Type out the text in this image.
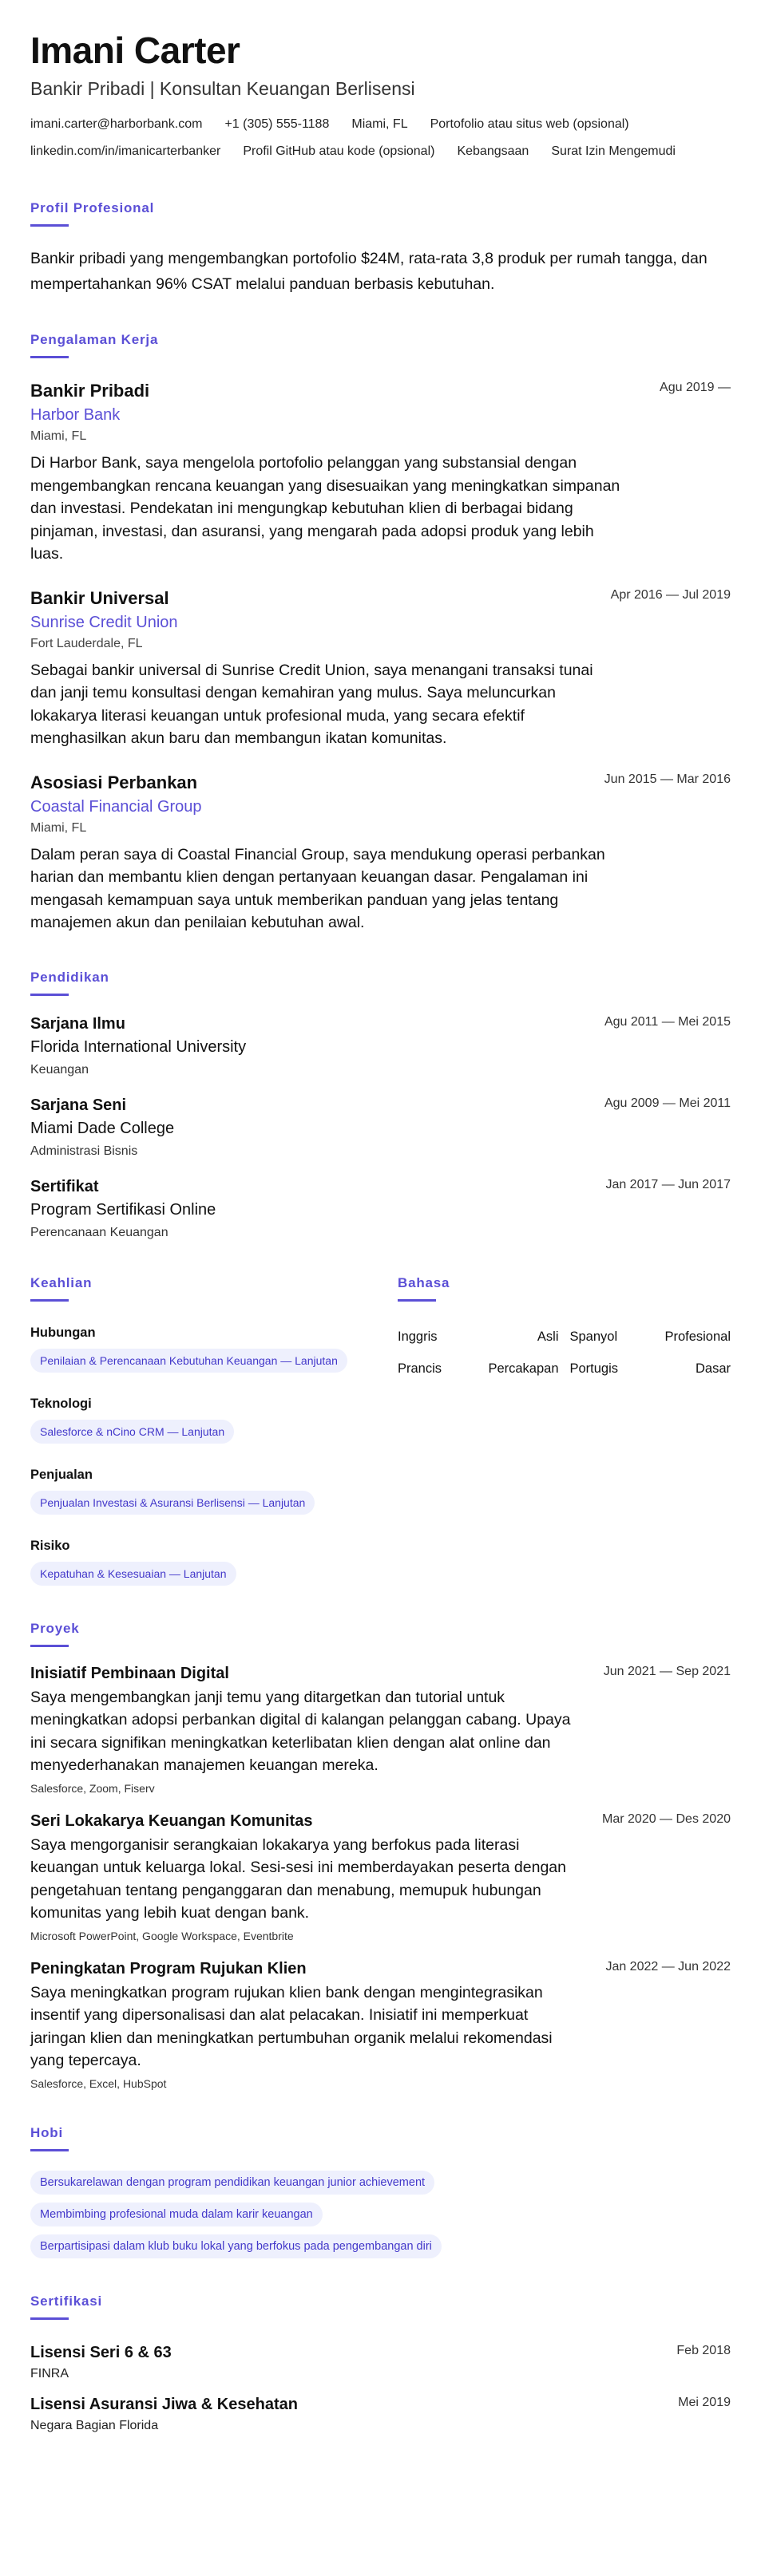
Imani Carter
Bankir Pribadi | Konsultan Keuangan Berlisensi
imani.carter@harborbank.com +1 (305) 555-1188 Miami, FL Portofolio atau situs web (opsional)
linkedin.com/in/imanicarterbanker Profil GitHub atau kode (opsional) Kebangsaan Surat Izin Mengemudi
Profil Profesional
Bankir pribadi yang mengembangkan portofolio $24M, rata-rata 3,8 produk per rumah tangga, dan mempertahankan 96% CSAT melalui panduan berbasis kebutuhan.
Pengalaman Kerja
Bankir Pribadi	Agu 2019 —
Harbor Bank
Miami, FL
Di Harbor Bank, saya mengelola portofolio pelanggan yang substansial dengan mengembangkan rencana keuangan yang disesuaikan yang meningkatkan simpanan dan investasi. Pendekatan ini mengungkap kebutuhan klien di berbagai bidang pinjaman, investasi, dan asuransi, yang mengarah pada adopsi produk yang lebih luas.
Bankir Universal	Apr 2016 — Jul 2019
Sunrise Credit Union
Fort Lauderdale, FL
Sebagai bankir universal di Sunrise Credit Union, saya menangani transaksi tunai dan janji temu konsultasi dengan kemahiran yang mulus. Saya meluncurkan lokakarya literasi keuangan untuk profesional muda, yang secara efektif menghasilkan akun baru dan membangun ikatan komunitas.
Asosiasi Perbankan	Jun 2015 — Mar 2016
Coastal Financial Group
Miami, FL
Dalam peran saya di Coastal Financial Group, saya mendukung operasi perbankan harian dan membantu klien dengan pertanyaan keuangan dasar. Pengalaman ini mengasah kemampuan saya untuk memberikan panduan yang jelas tentang manajemen akun dan penilaian kebutuhan awal.
Pendidikan
Sarjana Ilmu	Agu 2011 — Mei 2015
Florida International University
Keuangan
Sarjana Seni	Agu 2009 — Mei 2011
Miami Dade College
Administrasi Bisnis
Sertifikat	Jan 2017 — Jun 2017
Program Sertifikasi Online
Perencanaan Keuangan
Keahlian
Hubungan
Penilaian & Perencanaan Kebutuhan Keuangan — Lanjutan
Teknologi
Salesforce & nCino CRM — Lanjutan
Penjualan
Penjualan Investasi & Asuransi Berlisensi — Lanjutan
Risiko
Kepatuhan & Kesesuaian — Lanjutan
Bahasa
Inggris	Asli Spanyol	Profesional
Prancis	Percakapan Portugis	Dasar
Proyek
Inisiatif Pembinaan Digital	Jun 2021 — Sep 2021
Saya mengembangkan janji temu yang ditargetkan dan tutorial untuk meningkatkan adopsi perbankan digital di kalangan pelanggan cabang. Upaya ini secara signifikan meningkatkan keterlibatan klien dengan alat online dan menyederhanakan manajemen keuangan mereka.
Salesforce, Zoom, Fiserv
Seri Lokakarya Keuangan Komunitas	Mar 2020 — Des 2020
Saya mengorganisir serangkaian lokakarya yang berfokus pada literasi keuangan untuk keluarga lokal. Sesi-sesi ini memberdayakan peserta dengan pengetahuan tentang penganggaran dan menabung, memupuk hubungan komunitas yang lebih kuat dengan bank.
Microsoft PowerPoint, Google Workspace, Eventbrite
Peningkatan Program Rujukan Klien	Jan 2022 — Jun 2022
Saya meningkatkan program rujukan klien bank dengan mengintegrasikan insentif yang dipersonalisasi dan alat pelacakan. Inisiatif ini memperkuat jaringan klien dan meningkatkan pertumbuhan organik melalui rekomendasi yang tepercaya.
Salesforce, Excel, HubSpot
Hobi
Bersukarelawan dengan program pendidikan keuangan junior achievement
Membimbing profesional muda dalam karir keuangan
Berpartisipasi dalam klub buku lokal yang berfokus pada pengembangan diri
Sertifikasi
Lisensi Seri 6 & 63	Feb 2018
FINRA
Lisensi Asuransi Jiwa & Kesehatan	Mei 2019
Negara Bagian Florida
